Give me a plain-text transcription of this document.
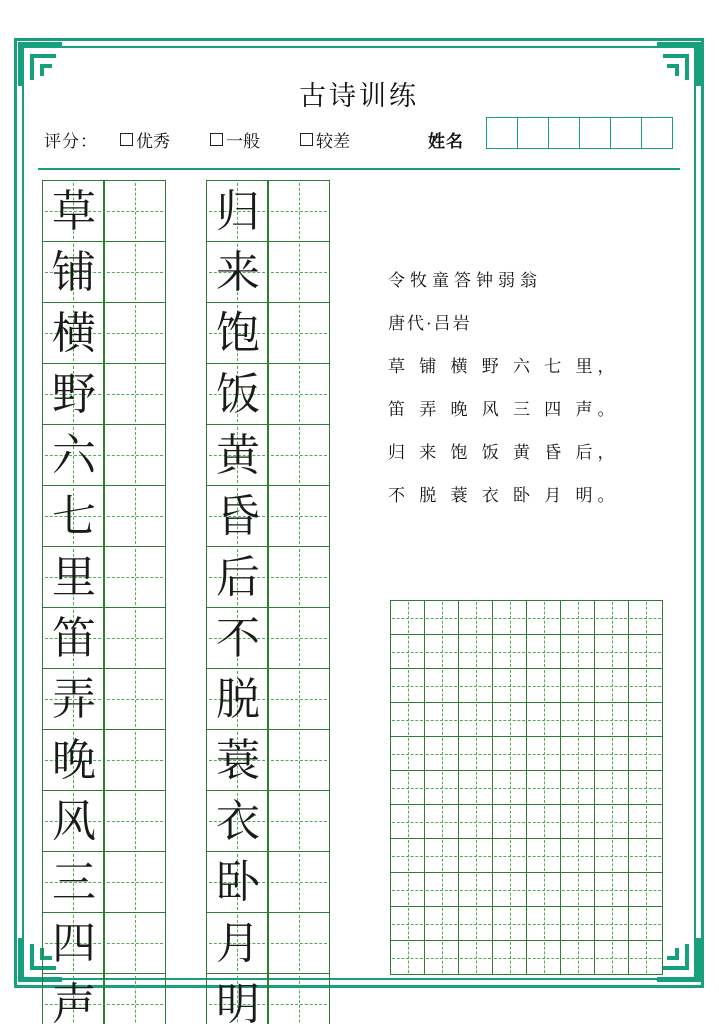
古诗训练
评分： 优秀	一般	较差	姓名
草
铺
横
野
六
七
里
笛
弄
晚
风
三
四
声
归
来
饱
饭
黄
昏
后
不
脱
蓑
衣
卧
月
明
令牧童答钟弱翁
唐代·吕岩
草 铺 横 野 六 七 里，
笛 弄 晚 风 三 四 声。
归 来 饱 饭 黄 昏 后，
不 脱 蓑 衣 卧 月 明。
